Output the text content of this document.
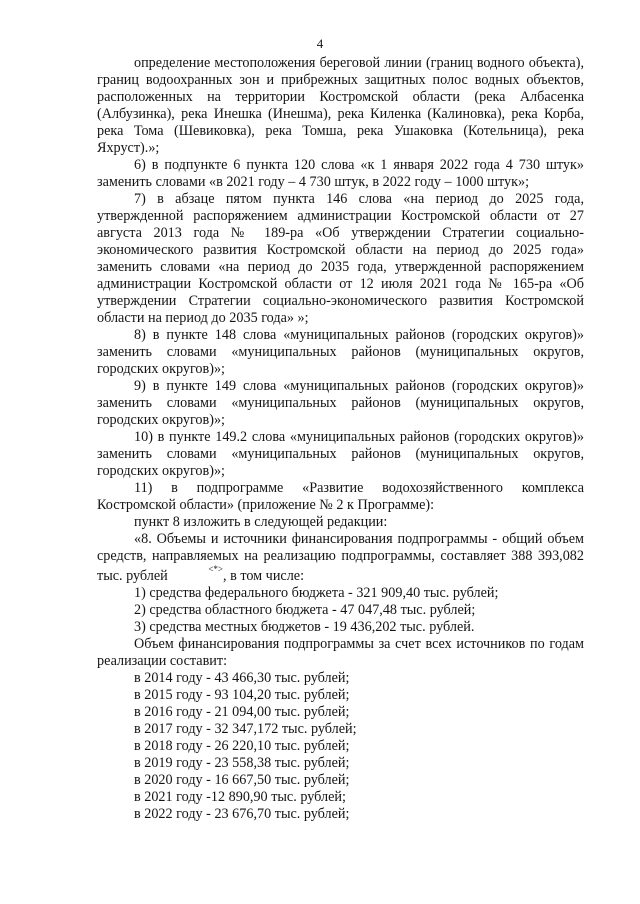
4

определение местоположения береговой линии (границ водного объекта), границ водоохранных зон и прибрежных защитных полос водных объектов, расположенных на территории Костромской области (река Албасенка (Албузинка), река Инешка (Инешма), река Киленка (Калиновка), река Корба, река Тома (Шевиковка), река Томша, река Ушаковка (Котельница), река Яхруст).»;

6) в подпункте 6 пункта 120 слова «к 1 января 2022 года 4 730 штук» заменить словами «в 2021 году – 4 730 штук, в 2022 году – 1000 штук»;

7) в абзаце пятом пункта 146 слова «на период до 2025 года, утвержденной распоряжением администрации Костромской области от 27 августа 2013 года № 189-ра «Об утверждении Стратегии социально-экономического развития Костромской области на период до 2025 года» заменить словами «на период до 2035 года, утвержденной распоряжением администрации Костромской области от 12 июля 2021 года № 165-ра «Об утверждении Стратегии социально-экономического развития Костромской области на период до 2035 года» »;

8) в пункте 148 слова «муниципальных районов (городских округов)» заменить словами «муниципальных районов (муниципальных округов, городских округов)»;

9) в пункте 149 слова «муниципальных районов (городских округов)» заменить словами «муниципальных районов (муниципальных округов, городских округов)»;

10) в пункте 149.2 слова «муниципальных районов (городских округов)» заменить словами «муниципальных районов (муниципальных округов, городских округов)»;

11) в подпрограмме «Развитие водохозяйственного комплекса Костромской области» (приложение № 2 к Программе):

пункт 8 изложить в следующей редакции:

«8. Объемы и источники финансирования подпрограммы - общий объем средств, направляемых на реализацию подпрограммы, составляет 388 393,082 тыс. рублей	<*>, в том числе:

1) средства федерального бюджета - 321 909,40 тыс. рублей;

2) средства областного бюджета - 47 047,48 тыс. рублей;

3) средства местных бюджетов - 19 436,202 тыс. рублей.

Объем финансирования подпрограммы за счет всех источников по годам реализации составит:

в 2014 году - 43 466,30 тыс. рублей;

в 2015 году - 93 104,20 тыс. рублей;

в 2016 году - 21 094,00 тыс. рублей;

в 2017 году - 32 347,172 тыс. рублей;

в 2018 году - 26 220,10 тыс. рублей;

в 2019 году - 23 558,38 тыс. рублей;

в 2020 году - 16 667,50 тыс. рублей;

в 2021 году -12 890,90 тыс. рублей;

в 2022 году - 23 676,70 тыс. рублей;
